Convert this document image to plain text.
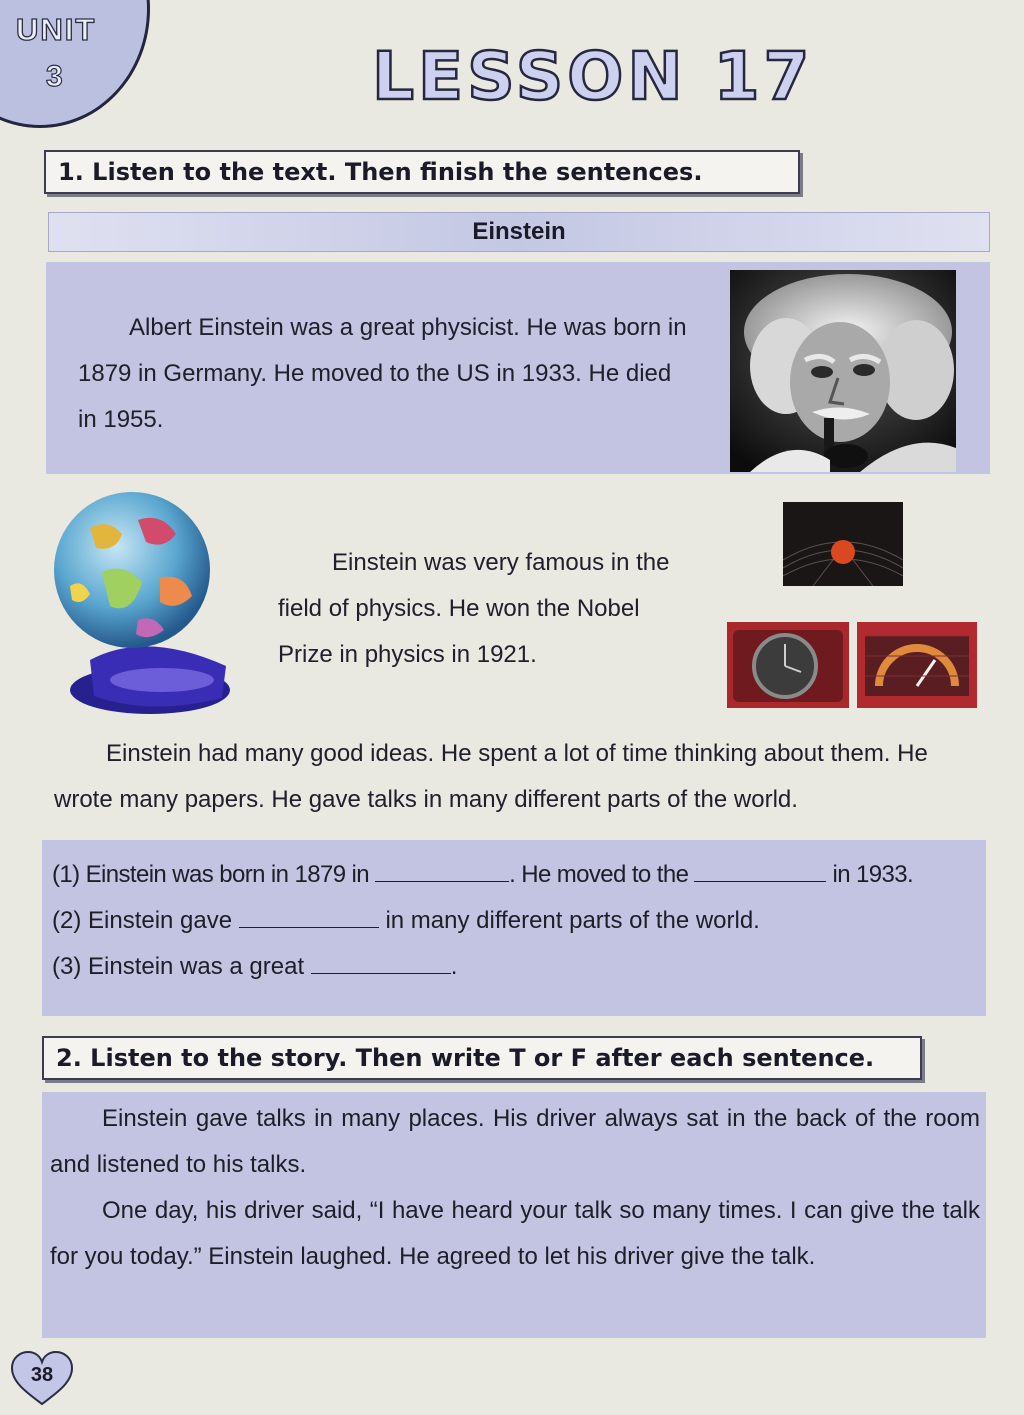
UNIT
3	LESSON 17
1. Listen to the text. Then finish the sentences.
Einstein
Albert Einstein was a great physicist. He was born in 1879 in Germany. He moved to the US in 1933. He died in 1955.
Einstein was very famous in the field of physics. He won the Nobel Prize in physics in 1921.
Einstein had many good ideas. He spent a lot of time thinking about them. He wrote many papers. He gave talks in many different parts of the world.
(1) Einstein was born in 1879 in	. He moved to the	in 1933.
(2) Einstein gave	in many different parts of the world.
(3) Einstein was a great	.
2. Listen to the story. Then write T or F after each sentence.

Einstein gave talks in many places. His driver always sat in the back of the room and listened to his talks.

One day, his driver said, “I have heard your talk so many times. I can give the talk for you today.” Einstein laughed. He agreed to let his driver give the talk.

38
